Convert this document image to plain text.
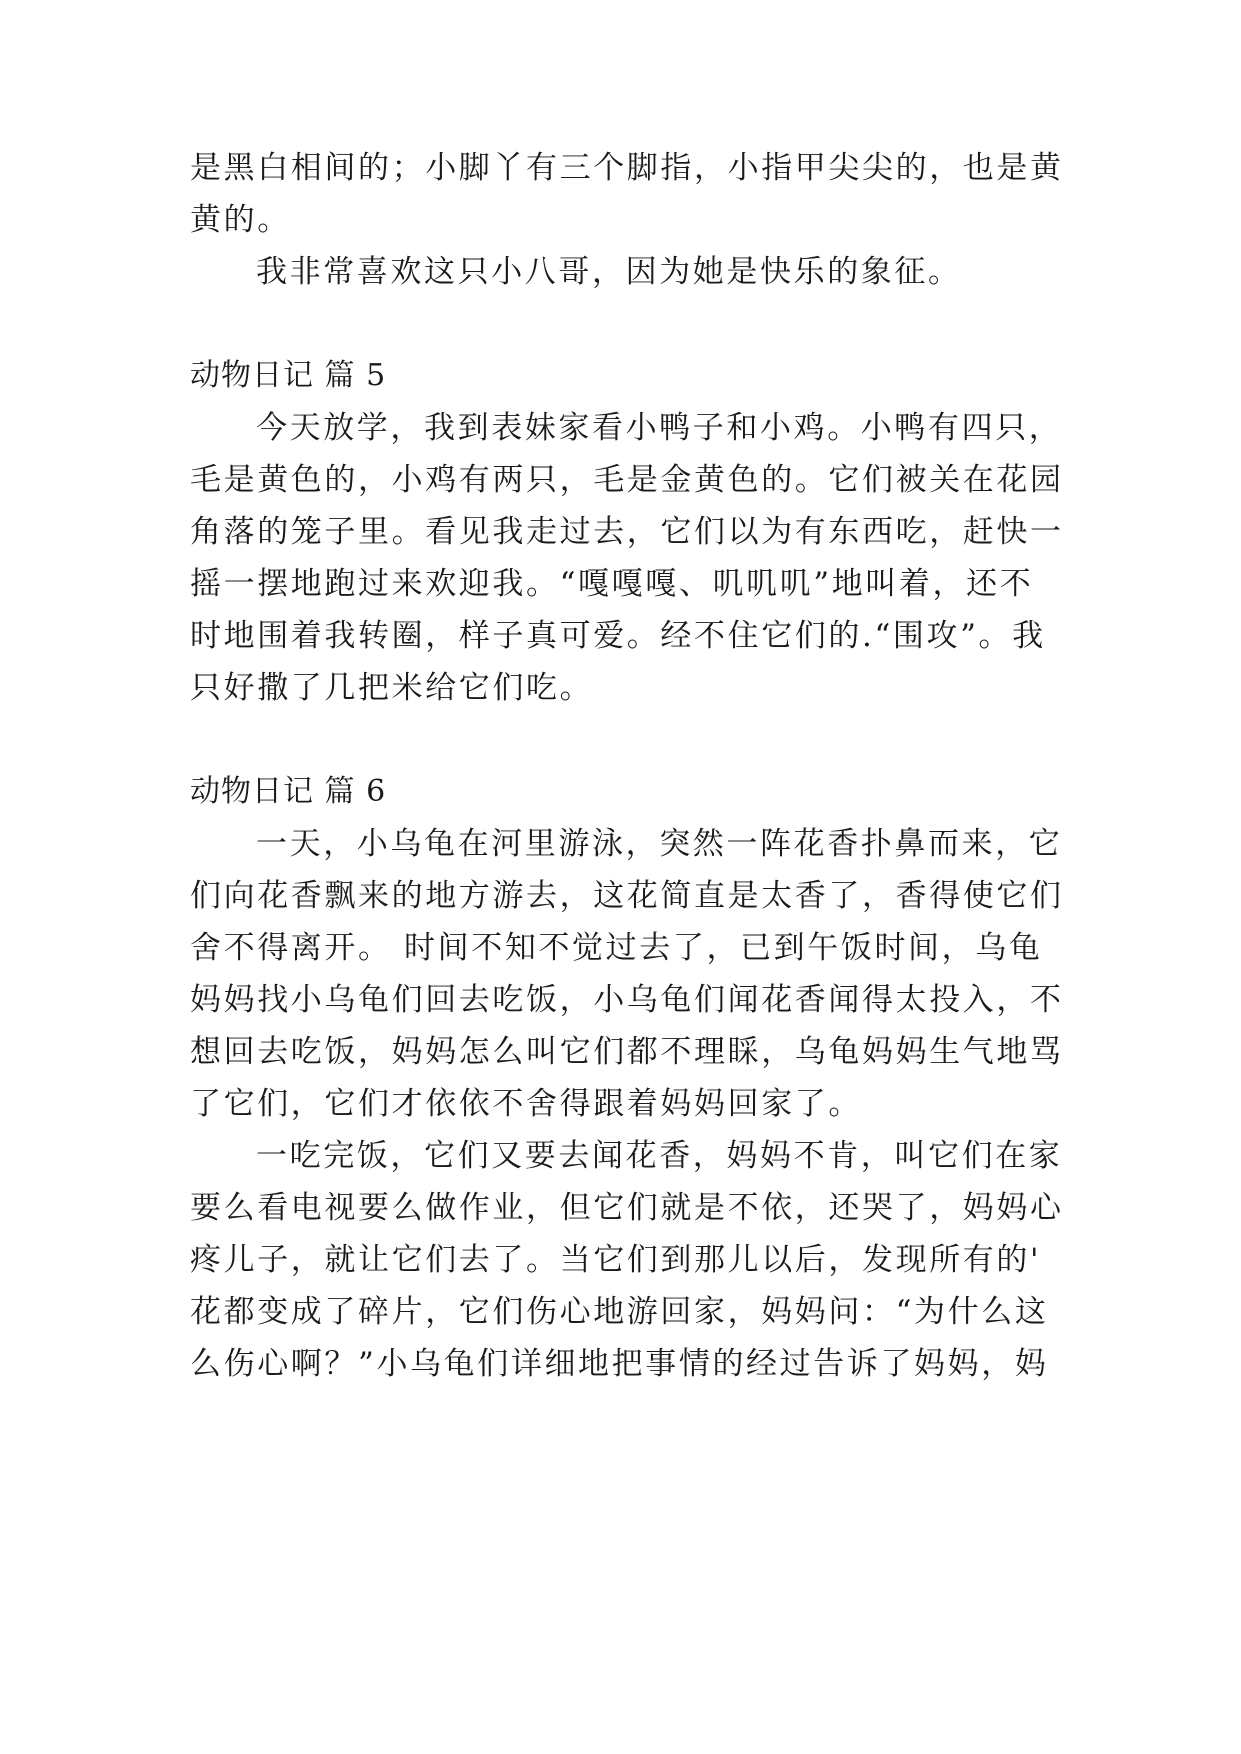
是黑白相间的；小脚丫有三个脚指，小指甲尖尖的，也是黄
黄的。
我非常喜欢这只小八哥，因为她是快乐的象征。
动物日记 篇 5
今天放学，我到表妹家看小鸭子和小鸡。小鸭有四只，
毛是黄色的，小鸡有两只，毛是金黄色的。它们被关在花园
角落的笼子里。看见我走过去，它们以为有东西吃，赶快一
摇一摆地跑过来欢迎我。“嘎嘎嘎、叽叽叽”地叫着，还不
时地围着我转圈，样子真可爱。经不住它们的.“围攻”。我
只好撒了几把米给它们吃。
动物日记 篇 6
一天，小乌龟在河里游泳，突然一阵花香扑鼻而来，它
们向花香飘来的地方游去，这花简直是太香了，香得使它们
舍不得离开。 时间不知不觉过去了，已到午饭时间，乌龟
妈妈找小乌龟们回去吃饭，小乌龟们闻花香闻得太投入，不
想回去吃饭，妈妈怎么叫它们都不理睬，乌龟妈妈生气地骂
了它们，它们才依依不舍得跟着妈妈回家了。
一吃完饭，它们又要去闻花香，妈妈不肯，叫它们在家
要么看电视要么做作业，但它们就是不依，还哭了，妈妈心
疼儿子，就让它们去了。当它们到那儿以后，发现所有的'
花都变成了碎片，它们伤心地游回家，妈妈问：“为什么这
么伤心啊？”小乌龟们详细地把事情的经过告诉了妈妈，妈
